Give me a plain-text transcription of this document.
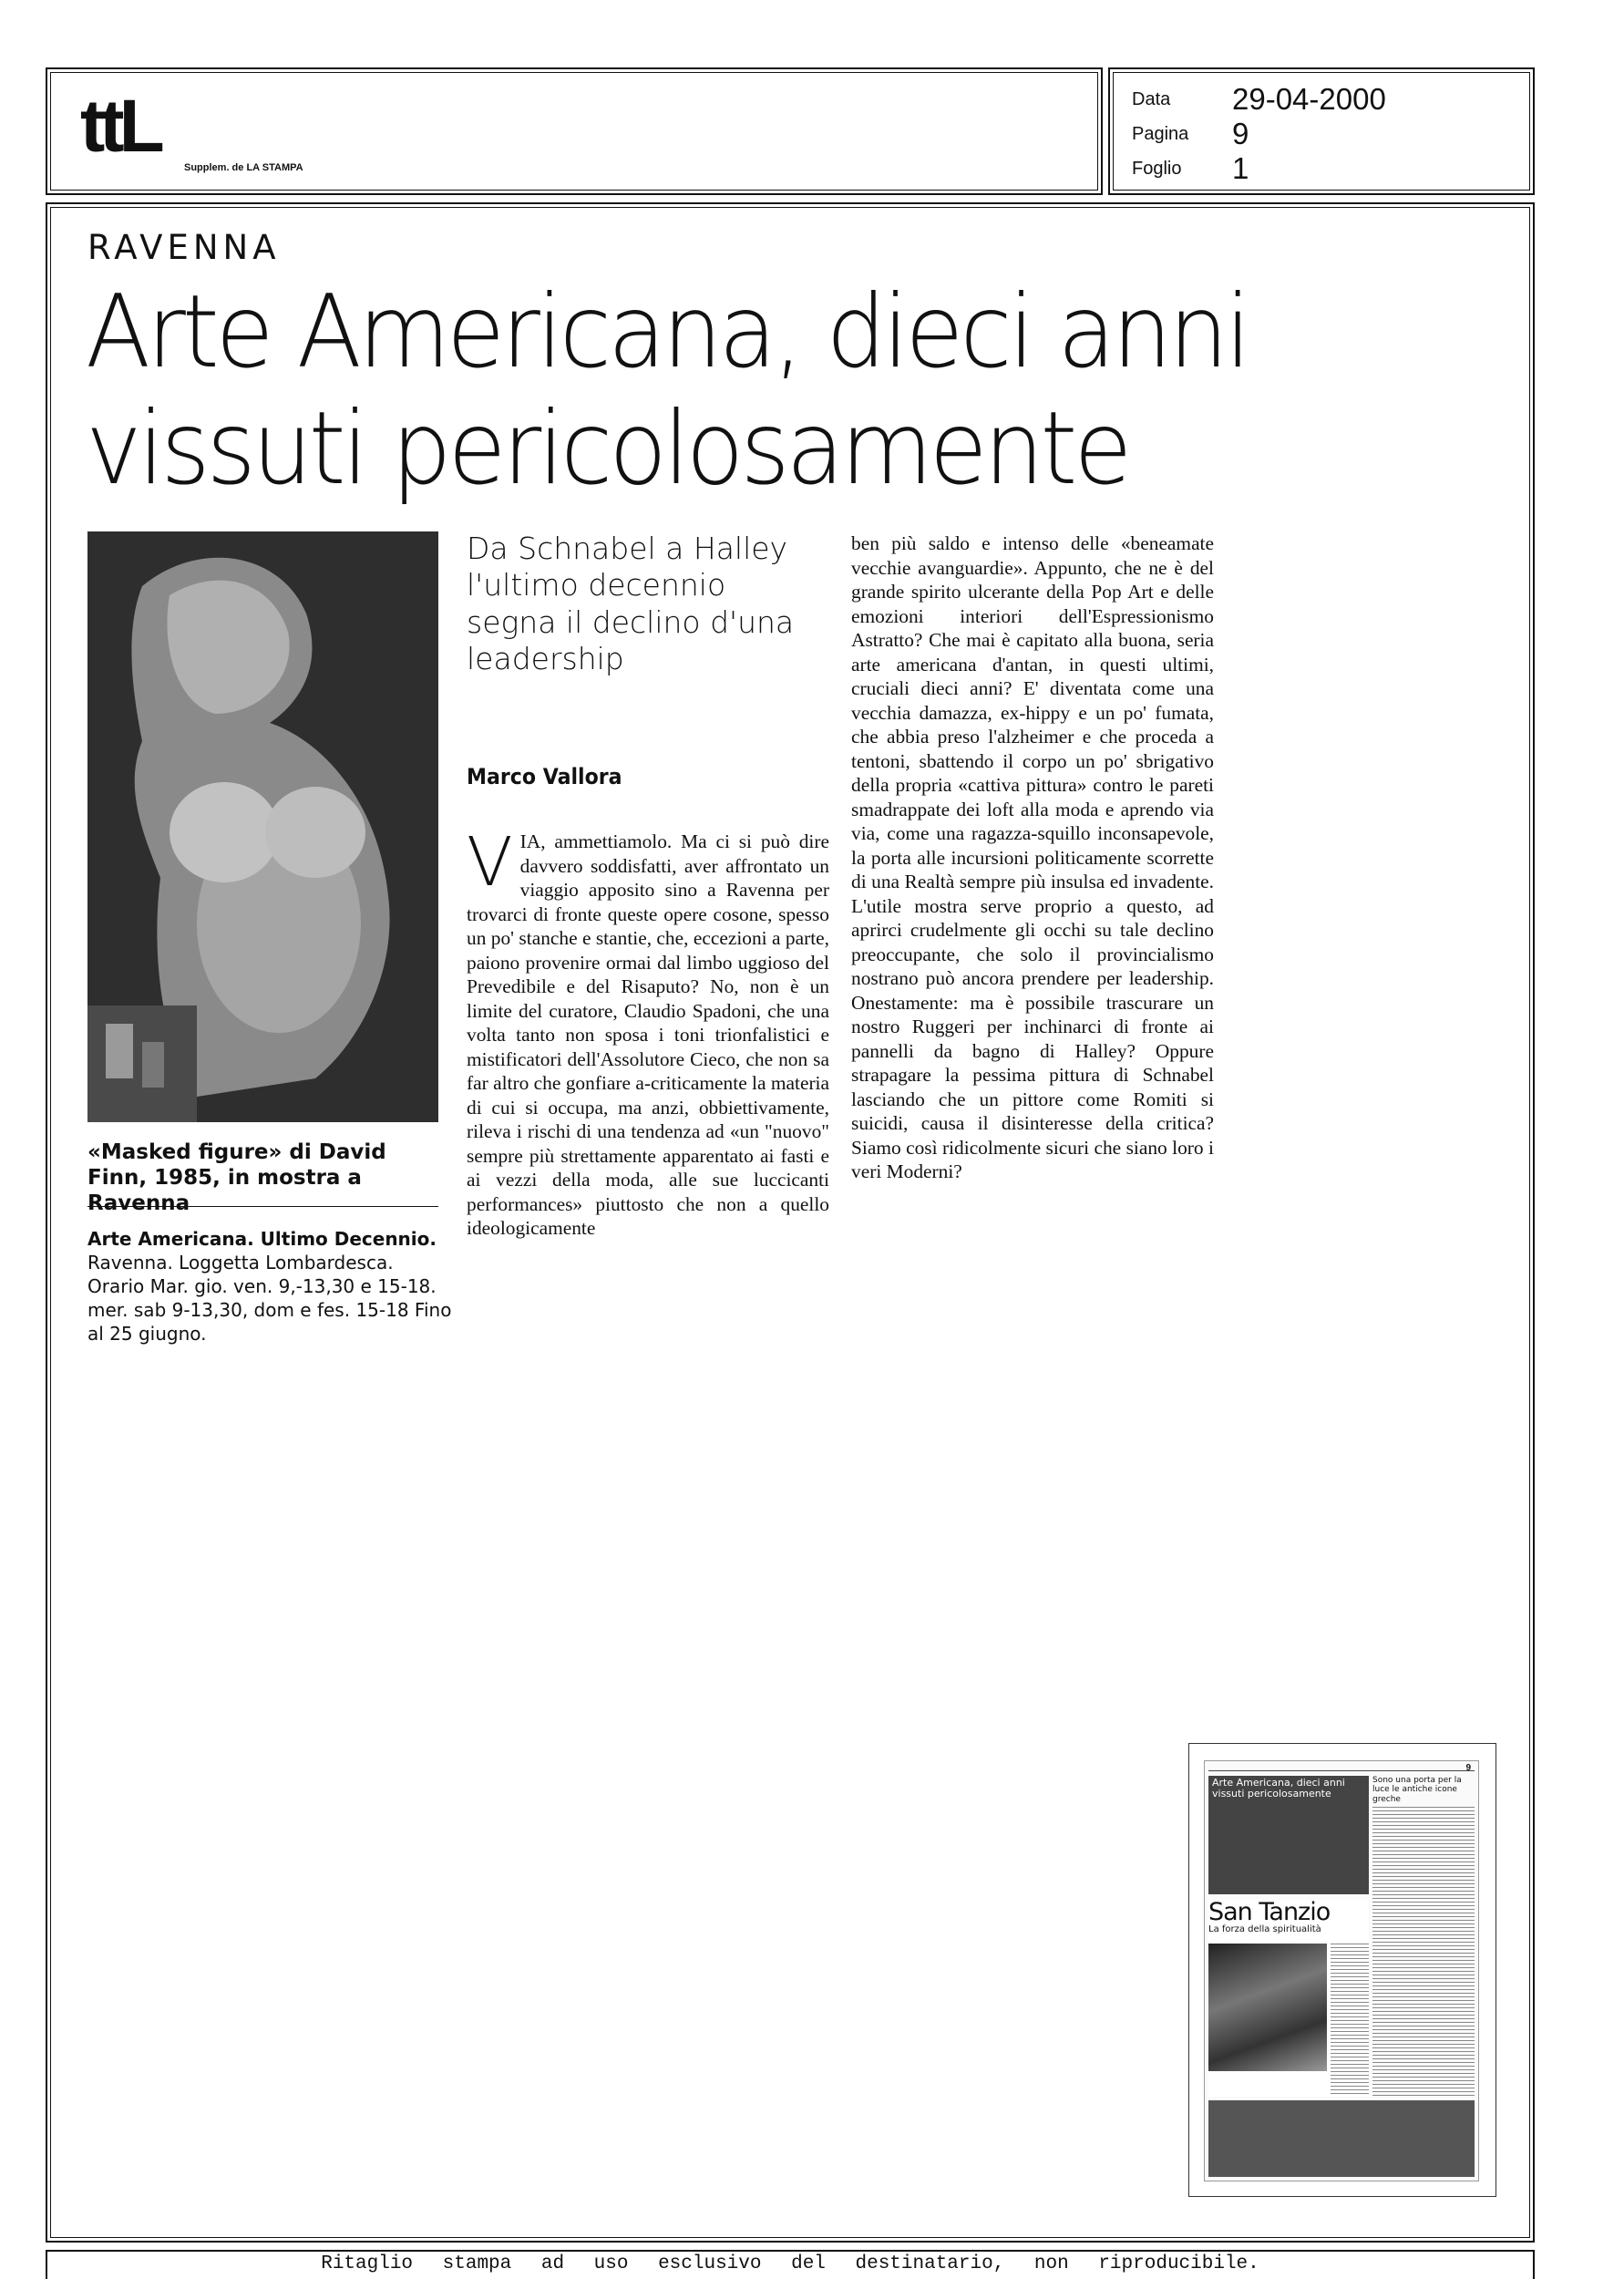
ttL Supplem. de LA STAMPA
Data	29-04-2000
Pagina	9
Foglio	1
RAVENNA
Arte Americana, dieci anni vissuti pericolosamente
«Masked figure» di David Finn, 1985, in mostra a Ravenna
Arte Americana. Ultimo Decennio.
Ravenna. Loggetta Lombardesca. Orario Mar. gio. ven. 9,-13,30 e 15-18. mer. sab 9-13,30, dom e fes. 15-18 Fino al 25 giugno.
Da Schnabel a Halley l'ultimo decennio segna il declino d'una leadership
Marco Vallora
V IA, ammettiamolo. Ma ci si può dire davvero soddisfatti, aver affrontato un viaggio apposito sino a Ravenna per trovarci di fronte queste opere cosone, spesso un po' stanche e stantie, che, eccezioni a parte, paiono provenire ormai dal limbo uggioso del Prevedibile e del Risaputo? No, non è un limite del curatore, Claudio Spadoni, che una volta tanto non sposa i toni trionfalistici e mistificatori dell'Assolutore Cieco, che non sa far altro che gonfiare a-criticamente la materia di cui si occupa, ma anzi, obbiettivamente, rileva i rischi di una tendenza ad «un "nuovo" sempre più strettamente apparentato ai fasti e ai vezzi della moda, alle sue luccicanti performances» piuttosto che non a quello ideologicamente
ben più saldo e intenso delle «beneamate vecchie avanguardie». Appunto, che ne è del grande spirito ulcerante della Pop Art e delle emozioni interiori dell'Espressionismo Astratto? Che mai è capitato alla buona, seria arte americana d'antan, in questi ultimi, cruciali dieci anni? E' diventata come una vecchia damazza, ex-hippy e un po' fumata, che abbia preso l'alzheimer e che proceda a tentoni, sbattendo il corpo un po' sbrigativo della propria «cattiva pittura» contro le pareti smadrappate dei loft alla moda e aprendo via via, come una ragazza-squillo inconsapevole, la porta alle incursioni politicamente scorrette di una Realtà sempre più insulsa ed invadente. L'utile mostra serve proprio a questo, ad aprirci crudelmente gli occhi su tale declino preoccupante, che solo il provincialismo nostrano può ancora prendere per leadership. Onestamente: ma è possibile trascurare un nostro Ruggeri per inchinarci di fronte ai pannelli da bagno di Halley? Oppure strapagare la pessima pittura di Schnabel lasciando che un pittore come Romiti si suicidi, causa il disinteresse della critica? Siamo così ridicolmente sicuri che siano loro i veri Moderni?
9
Arte Americana, dieci anni vissuti pericolosamente
Sono una porta per la luce le antiche icone greche
San Tanzio
La forza della spiritualità
Ritaglio stampa ad uso esclusivo del destinatario, non riproducibile.
